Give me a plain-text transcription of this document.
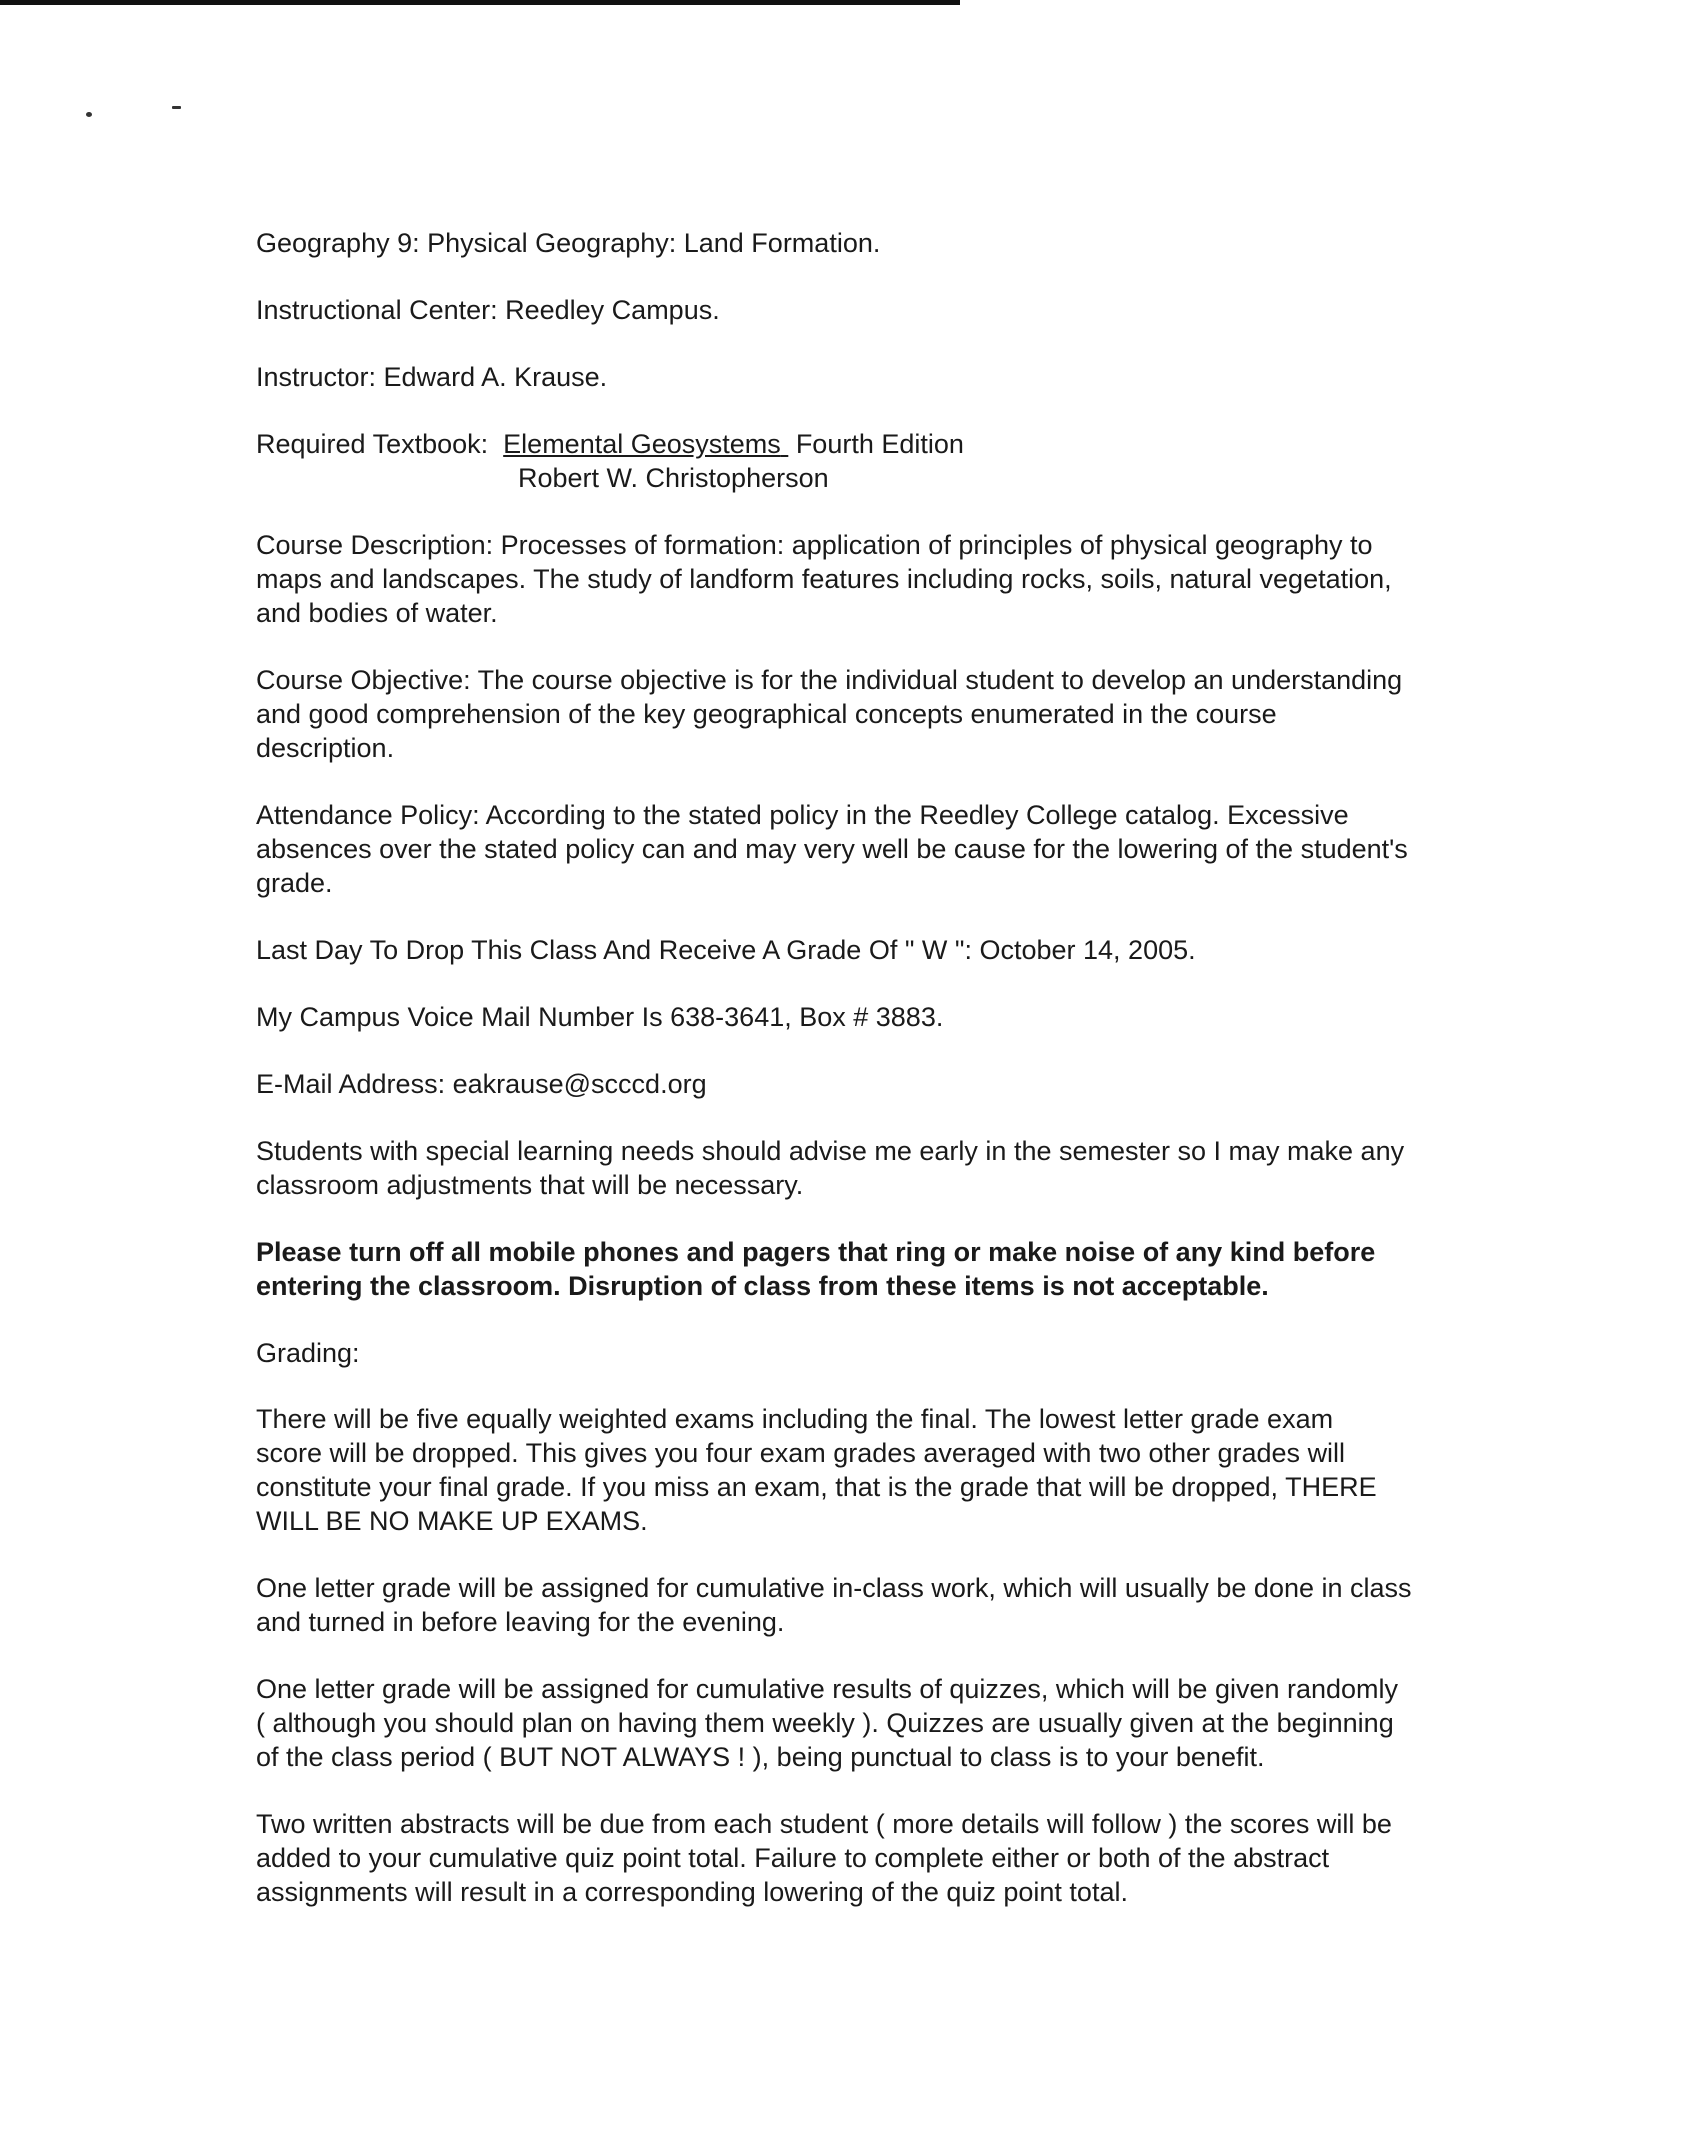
Geography 9: Physical Geography: Land Formation.

Instructional Center: Reedley Campus.

Instructor: Edward A. Krause.

Required Textbook: Elemental Geosystems Fourth Edition

Robert W. Christopherson

Course Description: Processes of formation: application of principles of physical geography to

maps and landscapes. The study of landform features including rocks, soils, natural vegetation,

and bodies of water.

Course Objective: The course objective is for the individual student to develop an understanding

and good comprehension of the key geographical concepts enumerated in the course

description.

Attendance Policy: According to the stated policy in the Reedley College catalog. Excessive

absences over the stated policy can and may very well be cause for the lowering of the student's

grade.

Last Day To Drop This Class And Receive A Grade Of " W ": October 14, 2005.

My Campus Voice Mail Number Is 638-3641, Box # 3883.

E-Mail Address: eakrause@scccd.org

Students with special learning needs should advise me early in the semester so I may make any

classroom adjustments that will be necessary.

Please turn off all mobile phones and pagers that ring or make noise of any kind before

entering the classroom. Disruption of class from these items is not acceptable.

Grading:

There will be five equally weighted exams including the final. The lowest letter grade exam

score will be dropped. This gives you four exam grades averaged with two other grades will

constitute your final grade. If you miss an exam, that is the grade that will be dropped, THERE

WILL BE NO MAKE UP EXAMS.

One letter grade will be assigned for cumulative in-class work, which will usually be done in class

and turned in before leaving for the evening.

One letter grade will be assigned for cumulative results of quizzes, which will be given randomly

( although you should plan on having them weekly ). Quizzes are usually given at the beginning

of the class period ( BUT NOT ALWAYS ! ), being punctual to class is to your benefit.

Two written abstracts will be due from each student ( more details will follow ) the scores will be

added to your cumulative quiz point total. Failure to complete either or both of the abstract

assignments will result in a corresponding lowering of the quiz point total.
